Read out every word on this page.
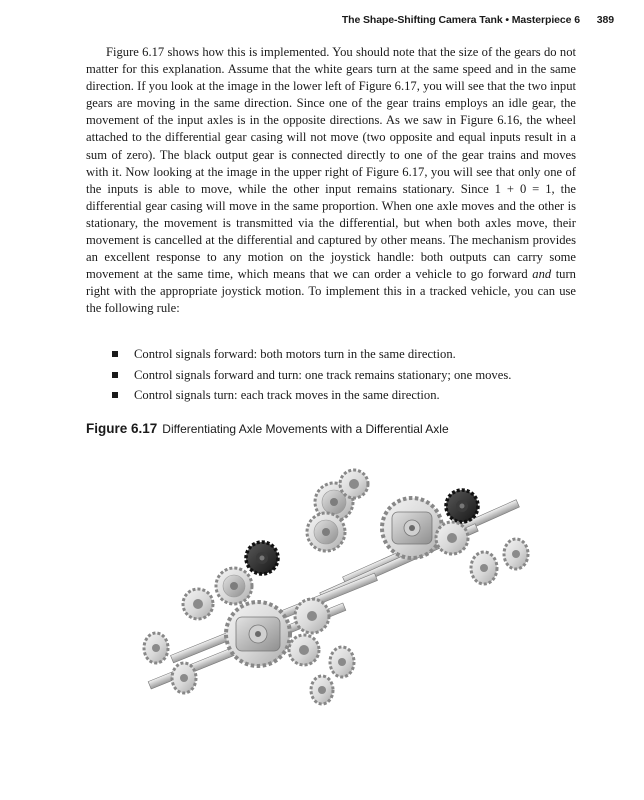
The Shape-Shifting Camera Tank • Masterpiece 6 389

Figure 6.17 shows how this is implemented. You should note that the size of the gears do not matter for this explanation. Assume that the white gears turn at the same speed and in the same direction. If you look at the image in the lower left of Figure 6.17, you will see that the two input gears are moving in the same direction. Since one of the gear trains employs an idle gear, the movement of the input axles is in the opposite directions. As we saw in Figure 6.16, the wheel attached to the differential gear casing will not move (two opposite and equal inputs result in a sum of zero). The black output gear is connected directly to one of the gear trains and moves with it. Now looking at the image in the upper right of Figure 6.17, you will see that only one of the inputs is able to move, while the other input remains stationary. Since 1 + 0 = 1, the differential gear casing will move in the same proportion. When one axle moves and the other is stationary, the movement is transmitted via the differential, but when both axles move, their movement is cancelled at the differential and captured by other means. The mechanism provides an excellent response to any motion on the joystick handle: both outputs can carry some movement at the same time, which means that we can order a vehicle to go forward and turn right with the appropriate joystick motion. To implement this in a tracked vehicle, you can use the following rule:

Control signals forward: both motors turn in the same direction.
Control signals forward and turn: one track remains stationary; one moves.
Control signals turn: each track moves in the same direction.
Figure 6.17 Differentiating Axle Movements with a Differential Axle
